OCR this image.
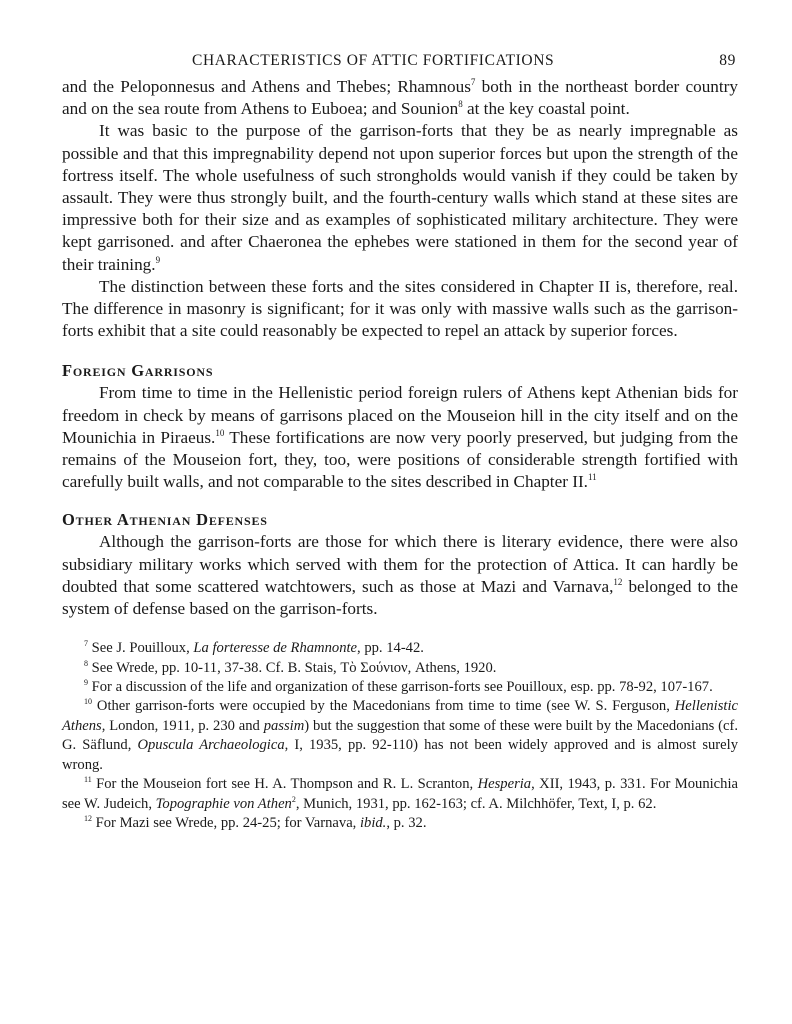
CHARACTERISTICS OF ATTIC FORTIFICATIONS	89

and the Peloponnesus and Athens and Thebes; Rhamnous$^7$ both in the northeast border country and on the sea route from Athens to Euboea; and Sounion$^8$ at the key coastal point.

It was basic to the purpose of the garrison-forts that they be as nearly impregnable as possible and that this impregnability depend not upon superior forces but upon the strength of the fortress itself. The whole usefulness of such strongholds would vanish if they could be taken by assault. They were thus strongly built, and the fourth-century walls which stand at these sites are impressive both for their size and as examples of sophisticated military architecture. They were kept garrisoned. and after Chaeronea the ephebes were stationed in them for the second year of their training.$^9$

The distinction between these forts and the sites considered in Chapter II is, therefore, real. The difference in masonry is significant; for it was only with massive walls such as the garrison-forts exhibit that a site could reasonably be expected to repel an attack by superior forces.

Foreign Garrisons

From time to time in the Hellenistic period foreign rulers of Athens kept Athenian bids for freedom in check by means of garrisons placed on the Mouseion hill in the city itself and on the Mounichia in Piraeus.$^{10}$ These fortifications are now very poorly preserved, but judging from the remains of the Mouseion fort, they, too, were positions of considerable strength fortified with carefully built walls, and not comparable to the sites described in Chapter II.$^{11}$

Other Athenian Defenses

Although the garrison-forts are those for which there is literary evidence, there were also subsidiary military works which served with them for the protection of Attica. It can hardly be doubted that some scattered watchtowers, such as those at Mazi and Varnava,$^{12}$ belonged to the system of defense based on the garrison-forts.

$^7$ See J. Pouilloux, La forteresse de Rhamnonte, pp. 14-42.

$^8$ See Wrede, pp. 10-11, 37-38. Cf. B. Stais, Τὸ Σούνιον, Athens, 1920.

$^9$ For a discussion of the life and organization of these garrison-forts see Pouilloux, esp. pp. 78-92, 107-167.

$^{10}$ Other garrison-forts were occupied by the Macedonians from time to time (see W. S. Ferguson, Hellenistic Athens, London, 1911, p. 230 and passim) but the suggestion that some of these were built by the Macedonians (cf. G. Säflund, Opuscula Archaeologica, I, 1935, pp. 92-110) has not been widely approved and is almost surely wrong.

$^{11}$ For the Mouseion fort see H. A. Thompson and R. L. Scranton, Hesperia, XII, 1943, p. 331. For Mounichia see W. Judeich, Topographie von Athen$^2$, Munich, 1931, pp. 162-163; cf. A. Milchhöfer, Text, I, p. 62.

$^{12}$ For Mazi see Wrede, pp. 24-25; for Varnava, ibid., p. 32.
